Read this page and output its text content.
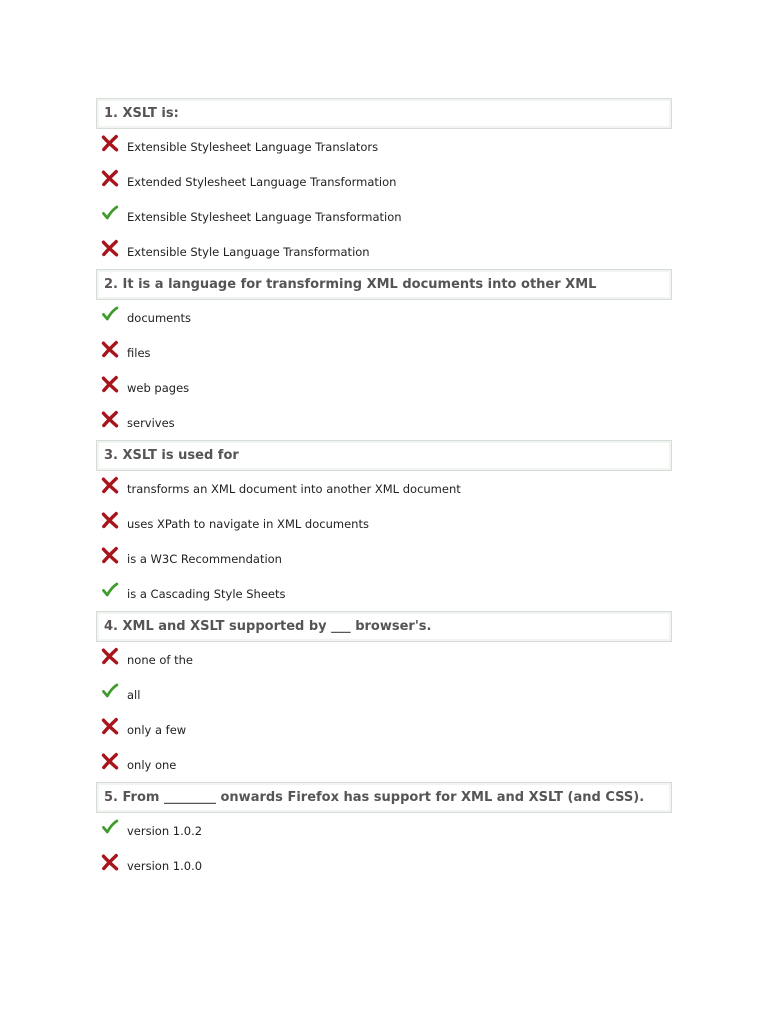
1. XSLT is:
Extensible Stylesheet Language Translators
Extended Stylesheet Language Transformation
Extensible Stylesheet Language Transformation
Extensible Style Language Transformation
2. It is a language for transforming XML documents into other XML
documents
files
web pages
servives
3. XSLT is used for
transforms an XML document into another XML document
uses XPath to navigate in XML documents
is a W3C Recommendation
is a Cascading Style Sheets
4. XML and XSLT supported by ___ browser's.
none of the
all
only a few
only one
5. From ________ onwards Firefox has support for XML and XSLT (and CSS).
version 1.0.2
version 1.0.0
